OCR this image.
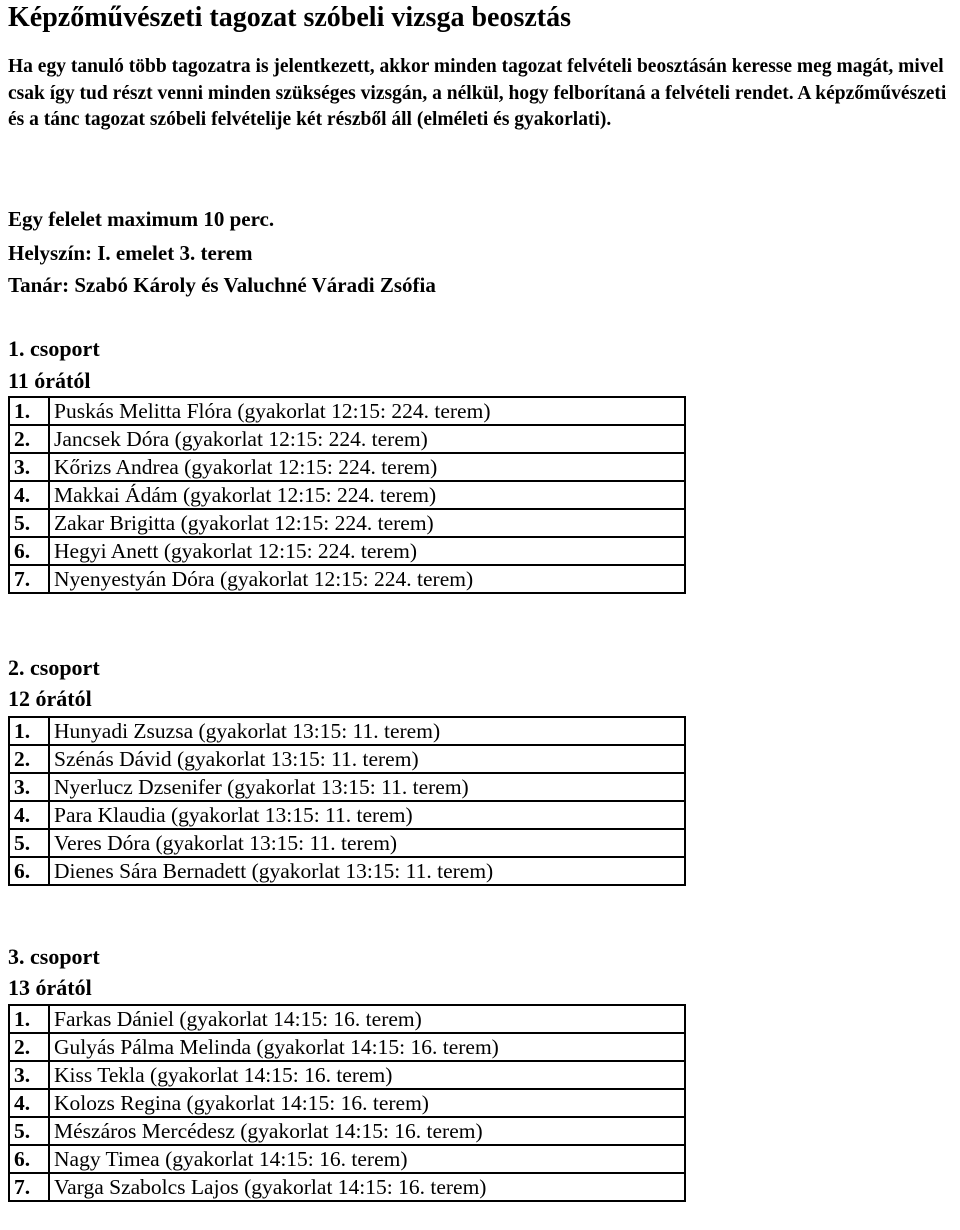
Képzőművészeti tagozat szóbeli vizsga beosztás
Ha egy tanuló több tagozatra is jelentkezett, akkor minden tagozat felvételi beosztásán keresse meg magát, mivel csak így tud részt venni minden szükséges vizsgán, a nélkül, hogy felborítaná a felvételi rendet. A képzőművészeti és a tánc tagozat szóbeli felvételije két részből áll (elméleti és gyakorlati).
Egy felelet maximum 10 perc.
Helyszín: I. emelet 3. terem
Tanár: Szabó Károly és Valuchné Váradi Zsófia
1. csoport
11 órától
1.	Puskás Melitta Flóra (gyakorlat 12:15: 224. terem)
2.	Jancsek Dóra (gyakorlat 12:15: 224. terem)
3.	Kőrizs Andrea (gyakorlat 12:15: 224. terem)
4.	Makkai Ádám (gyakorlat 12:15: 224. terem)
5.	Zakar Brigitta (gyakorlat 12:15: 224. terem)
6.	Hegyi Anett (gyakorlat 12:15: 224. terem)
7.	Nyenyestyán Dóra (gyakorlat 12:15: 224. terem)
2. csoport
12 órától
1.	Hunyadi Zsuzsa (gyakorlat 13:15: 11. terem)
2.	Szénás Dávid (gyakorlat 13:15: 11. terem)
3.	Nyerlucz Dzsenifer (gyakorlat 13:15: 11. terem)
4.	Para Klaudia (gyakorlat 13:15: 11. terem)
5.	Veres Dóra (gyakorlat 13:15: 11. terem)
6.	Dienes Sára Bernadett (gyakorlat 13:15: 11. terem)
3. csoport
13 órától
1.	Farkas Dániel (gyakorlat 14:15: 16. terem)
2.	Gulyás Pálma Melinda (gyakorlat 14:15: 16. terem)
3.	Kiss Tekla (gyakorlat 14:15: 16. terem)
4.	Kolozs Regina (gyakorlat 14:15: 16. terem)
5.	Mészáros Mercédesz (gyakorlat 14:15: 16. terem)
6.	Nagy Timea (gyakorlat 14:15: 16. terem)
7.	Varga Szabolcs Lajos (gyakorlat 14:15: 16. terem)
